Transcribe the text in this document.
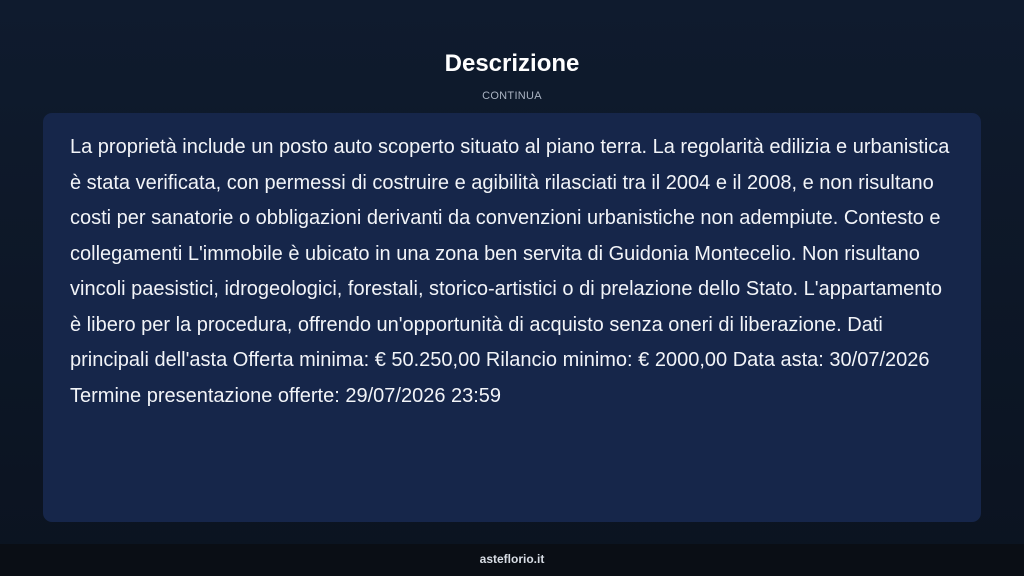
Descrizione
CONTINUA

La proprietà include un posto auto scoperto situato al piano terra. La regolarità edilizia e urbanistica è stata verificata, con permessi di costruire e agibilità rilasciati tra il 2004 e il 2008, e non risultano costi per sanatorie o obbligazioni derivanti da convenzioni urbanistiche non adempiute. Contesto e collegamenti L'immobile è ubicato in una zona ben servita di Guidonia Montecelio. Non risultano vincoli paesistici, idrogeologici, forestali, storico-artistici o di prelazione dello Stato. L'appartamento è libero per la procedura, offrendo un'opportunità di acquisto senza oneri di liberazione. Dati principali dell'asta Offerta minima: € 50.250,00 Rilancio minimo: € 2000,00 Data asta: 30/07/2026 Termine presentazione offerte: 29/07/2026 23:59

asteflorio.it
